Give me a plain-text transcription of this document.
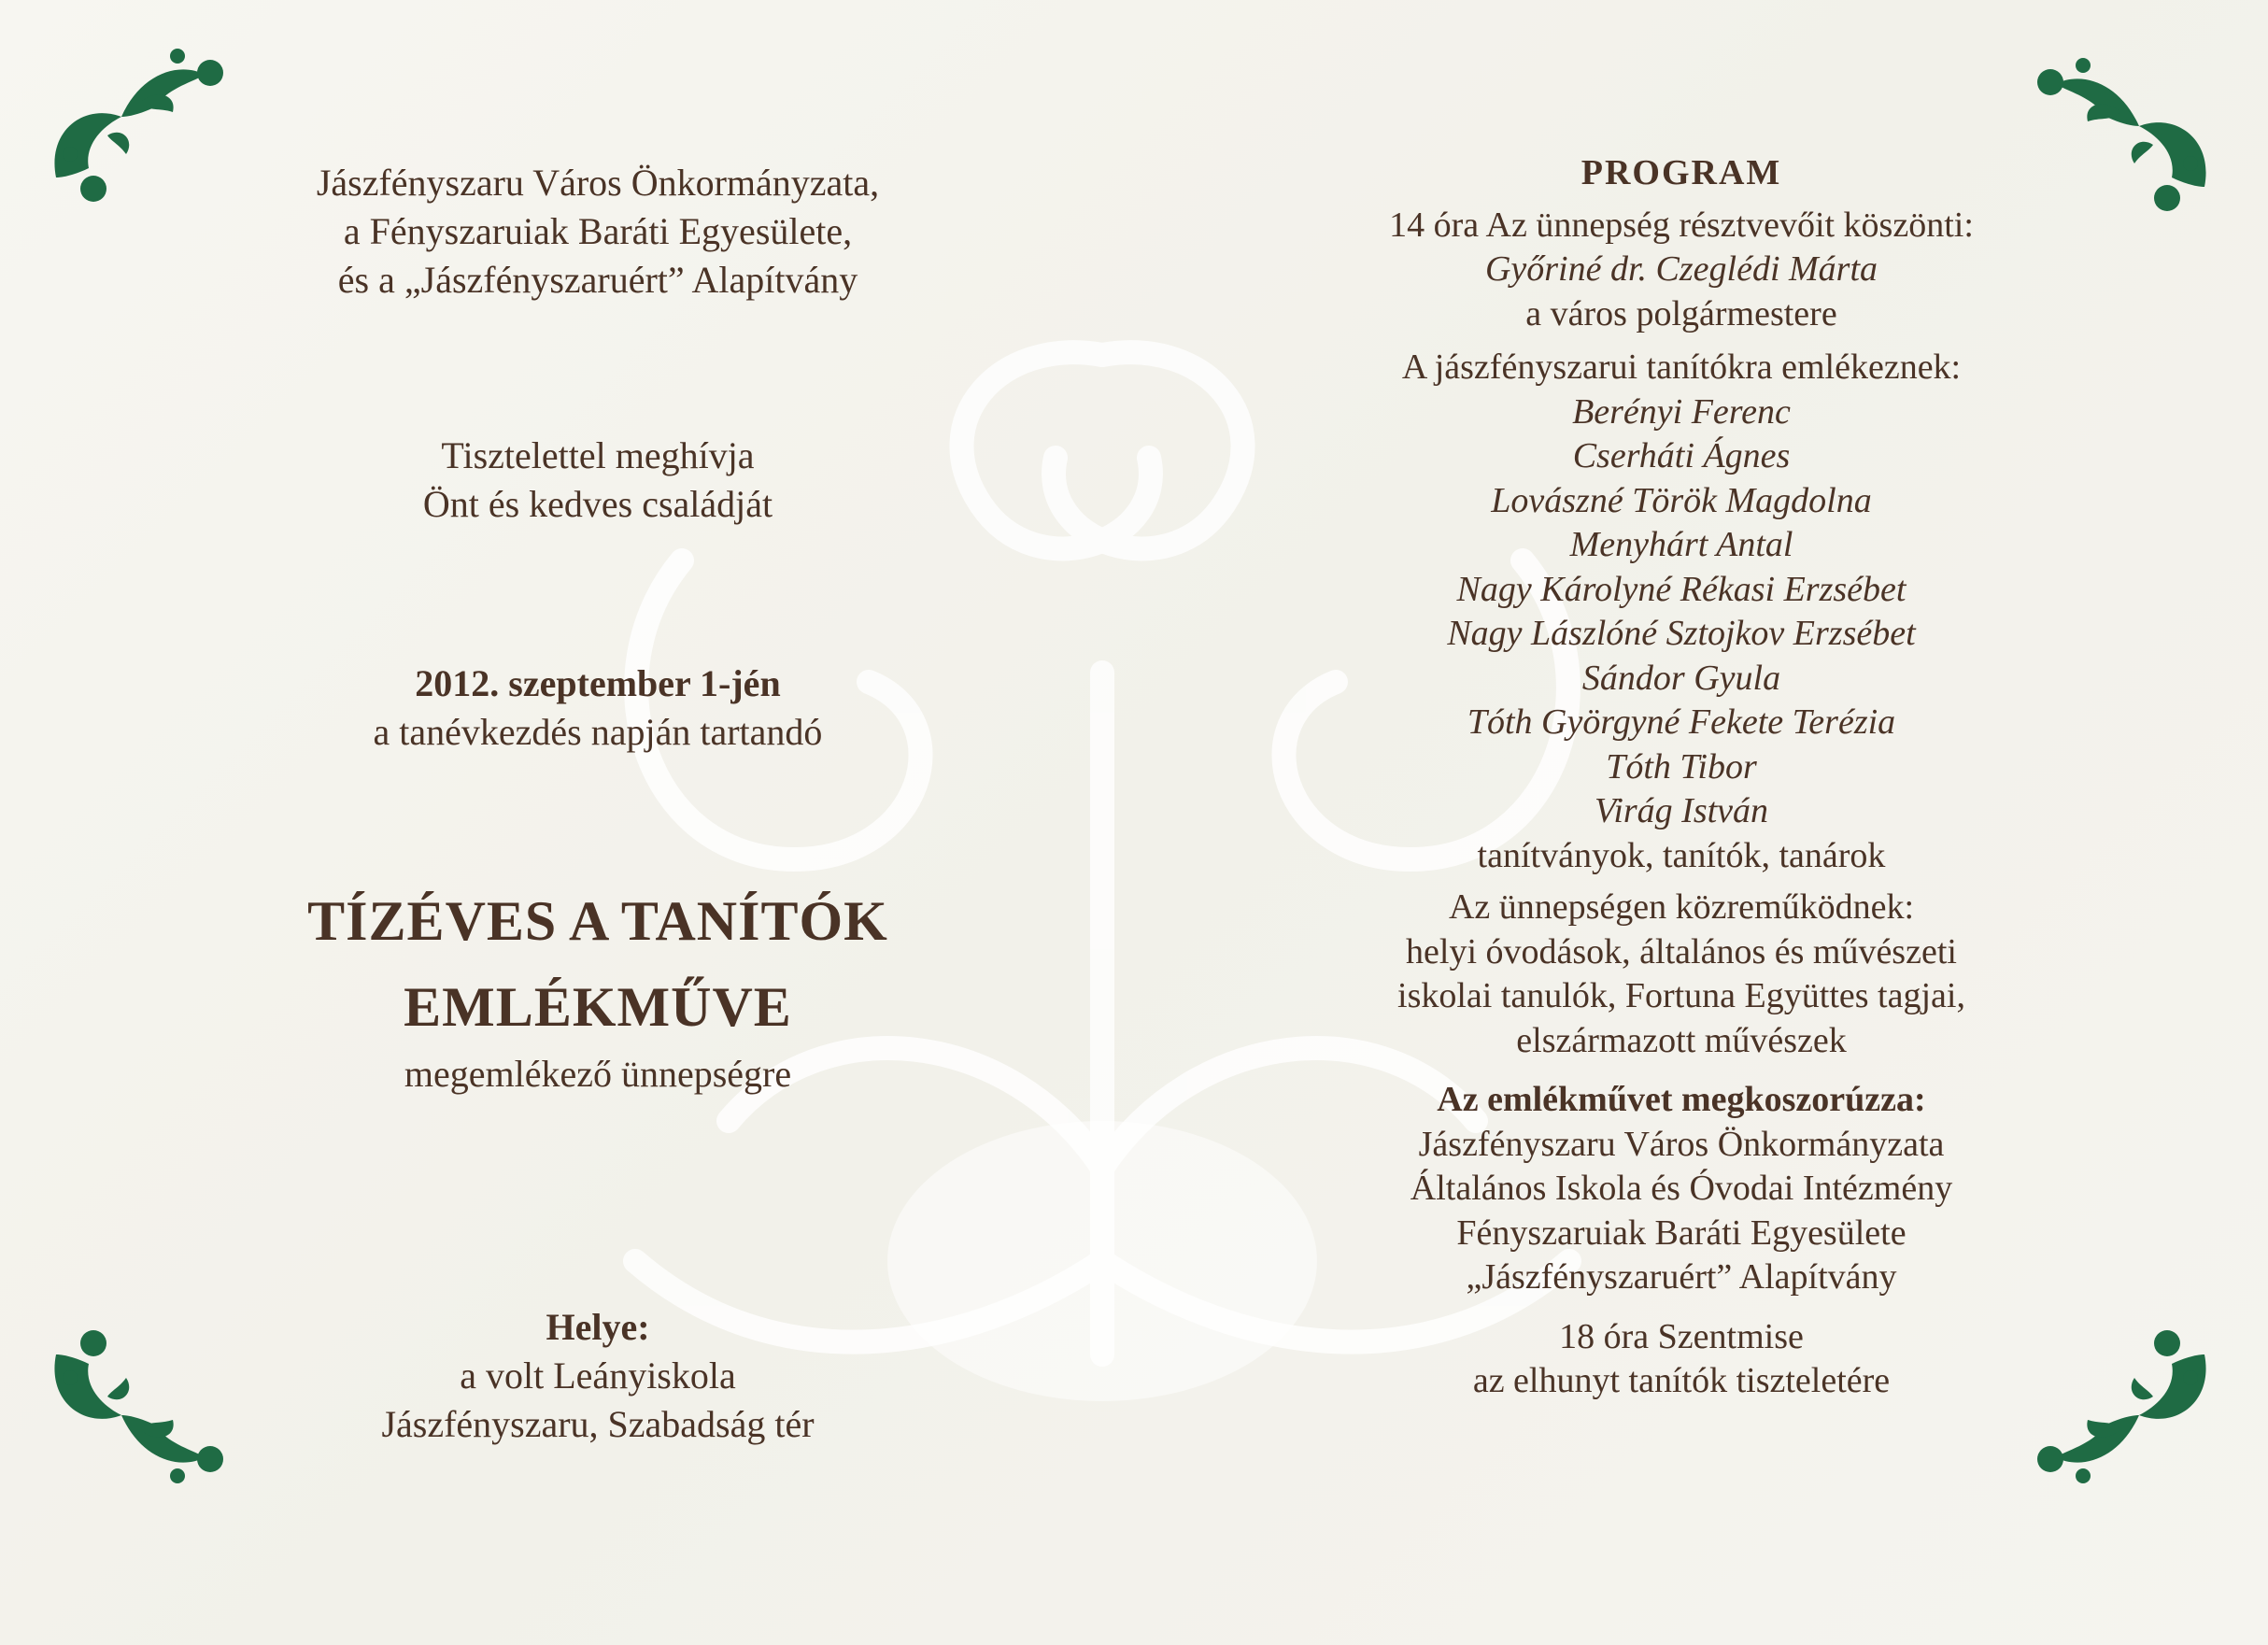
Jászfényszaru Város Önkormányzata,
a Fényszaruiak Baráti Egyesülete,
és a „Jászfényszaruért” Alapítvány
Tisztelettel meghívja
Önt és kedves családját
2012. szeptember 1-jén
a tanévkezdés napján tartandó
TÍZÉVES A TANÍTÓK
EMLÉKMŰVE
megemlékező ünnepségre
Helye:
a volt Leányiskola
Jászfényszaru, Szabadság tér
PROGRAM
14 óra Az ünnepség résztvevőit köszönti:
Győriné dr. Czeglédi Márta
a város polgármestere
A jászfényszarui tanítókra emlékeznek:
Berényi Ferenc
Cserháti Ágnes
Lovászné Török Magdolna
Menyhárt Antal
Nagy Károlyné Rékasi Erzsébet
Nagy Lászlóné Sztojkov Erzsébet
Sándor Gyula
Tóth Györgyné Fekete Terézia
Tóth Tibor
Virág István
tanítványok, tanítók, tanárok
Az ünnepségen közreműködnek:
helyi óvodások, általános és művészeti
iskolai tanulók, Fortuna Együttes tagjai,
elszármazott művészek
Az emlékművet megkoszorúzza:
Jászfényszaru Város Önkormányzata
Általános Iskola és Óvodai Intézmény
Fényszaruiak Baráti Egyesülete
„Jászfényszaruért” Alapítvány
18 óra Szentmise
az elhunyt tanítók tiszteletére
